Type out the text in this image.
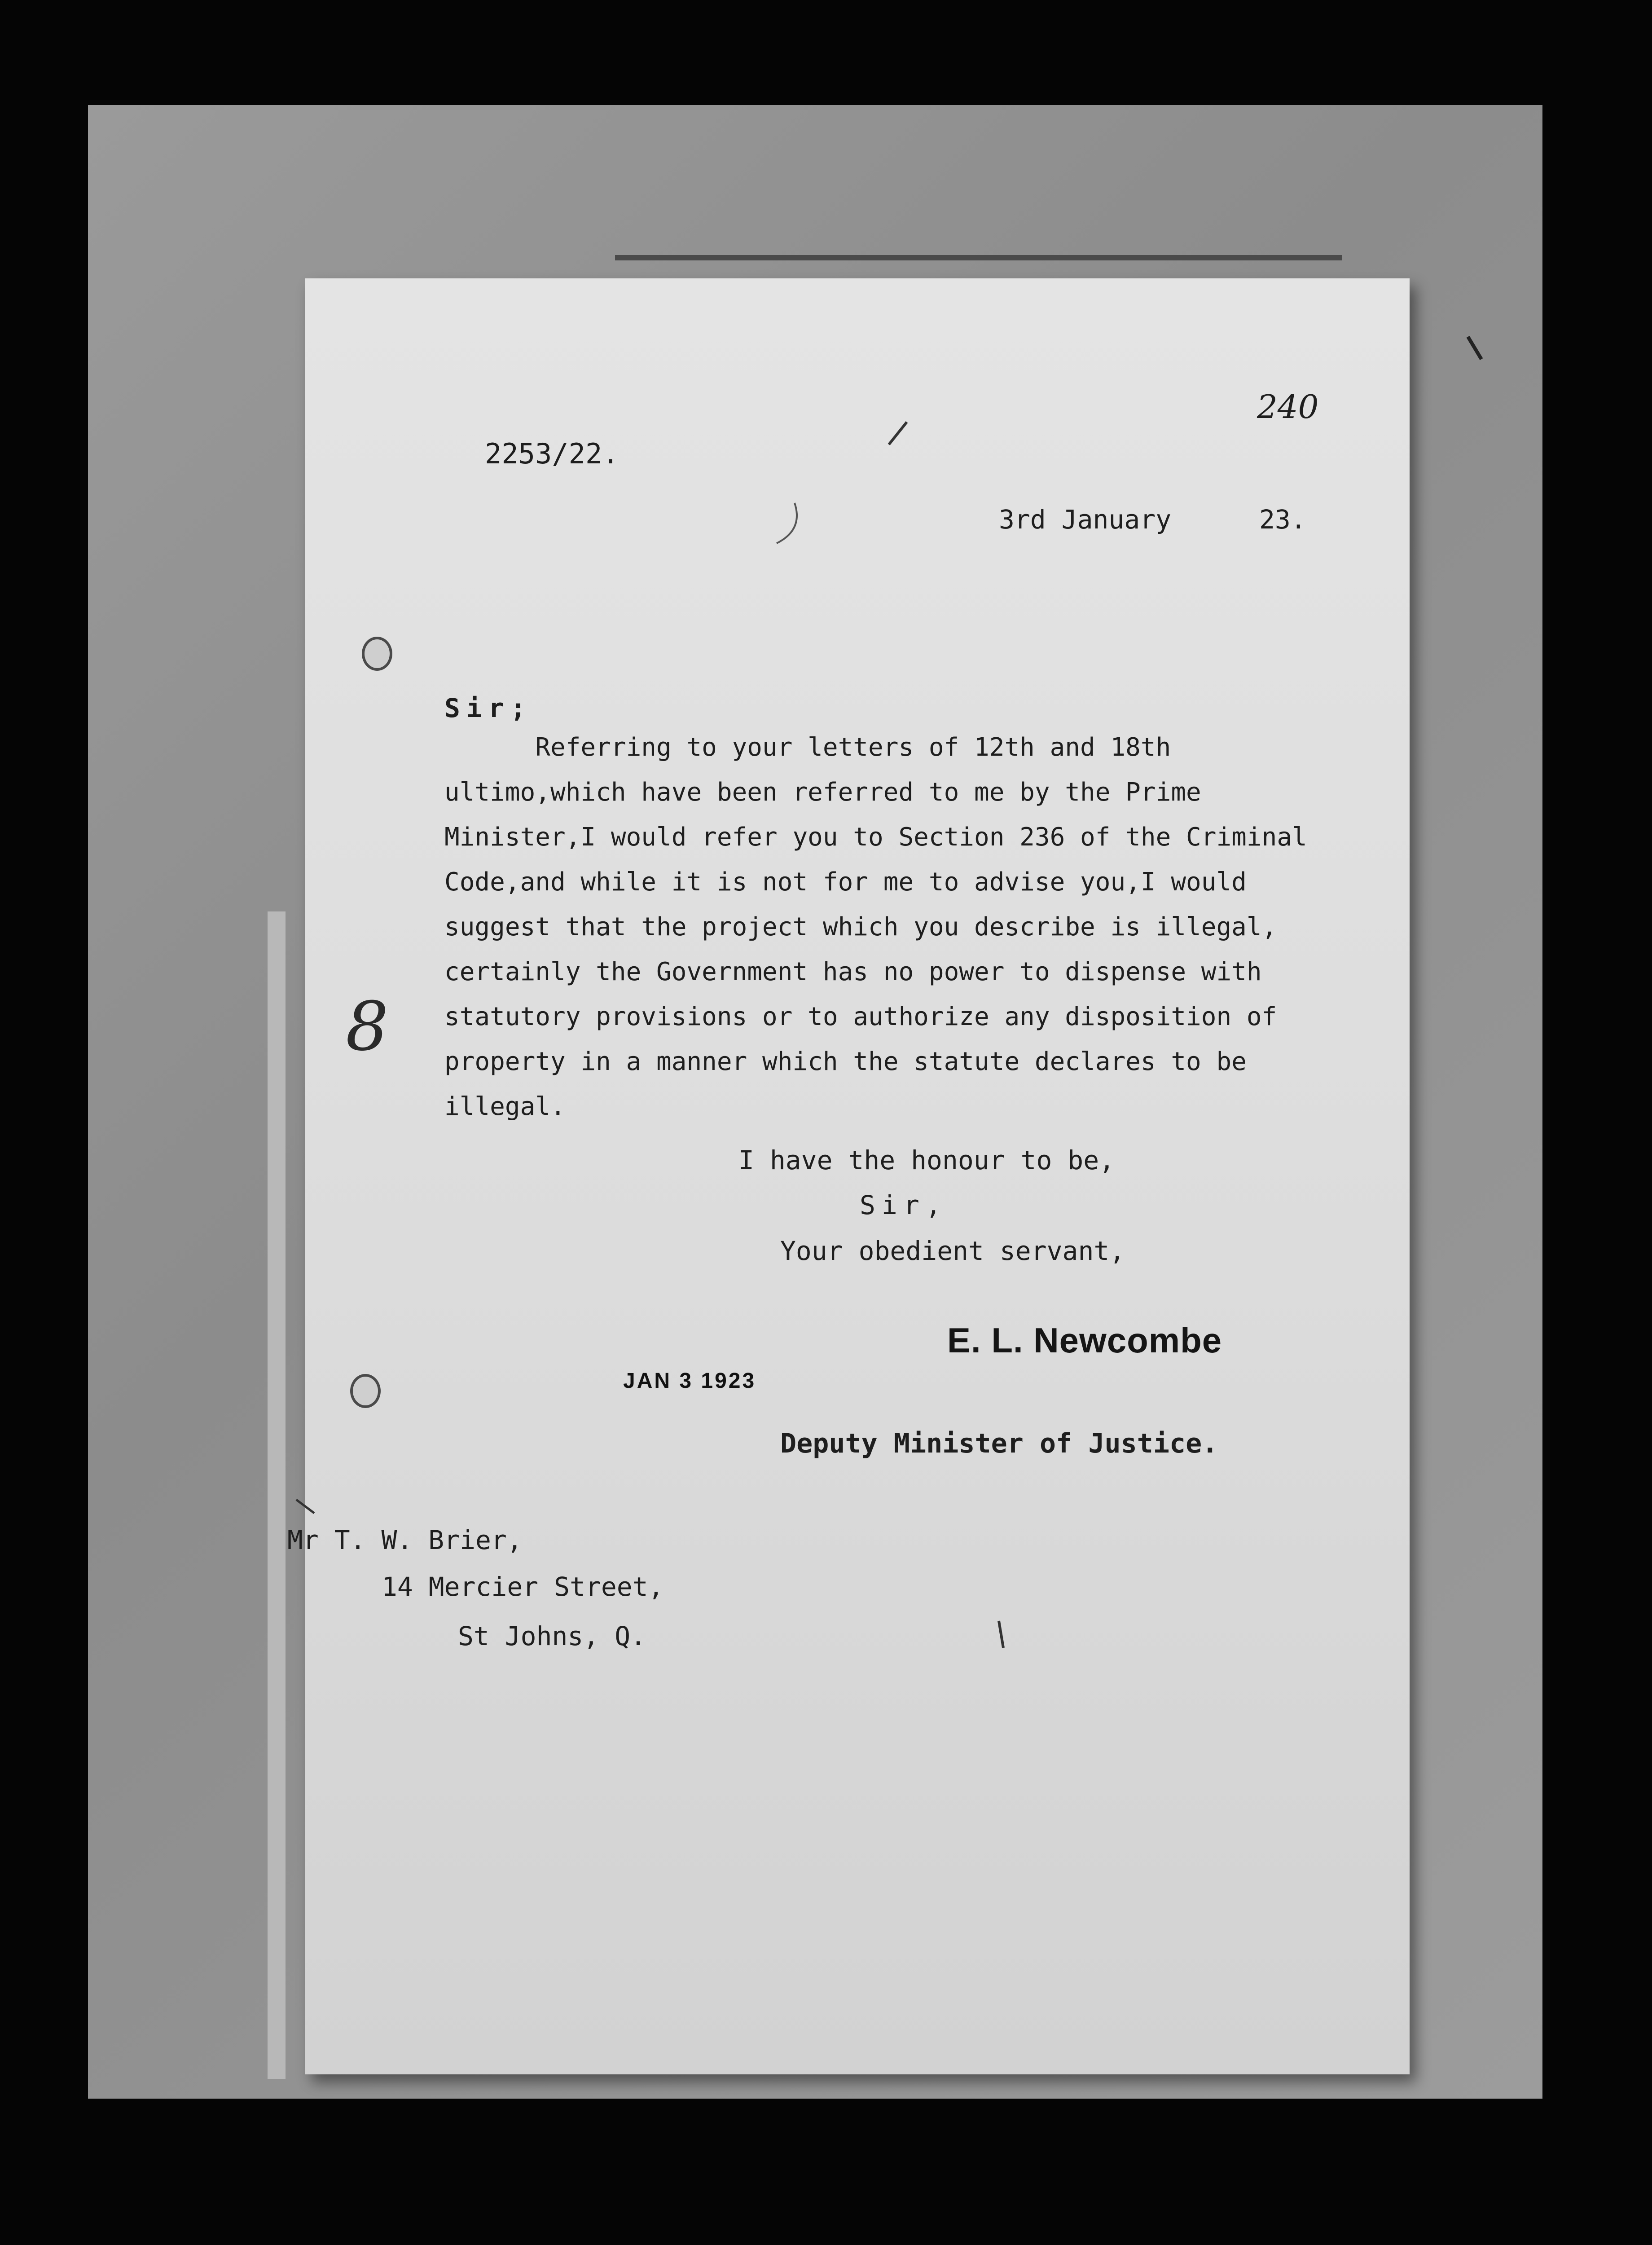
8
240
2253/22.
3rd January	23.
Sir;
Referring to your letters of 12th and 18th
ultimo,which have been referred to me by the Prime
Minister,I would refer you to Section 236 of the Criminal
Code,and while it is not for me to advise you,I would
suggest that the project which you describe is illegal,
certainly the Government has no power to dispense with
statutory provisions or to authorize any disposition of
property in a manner which the statute declares to be
illegal.
I have the honour to be,
Sir,
Your obedient servant,
E. L. Newcombe
JAN 3 1923
Deputy Minister of Justice.
Mr T. W. Brier,
14 Mercier Street,
St Johns, Q.
